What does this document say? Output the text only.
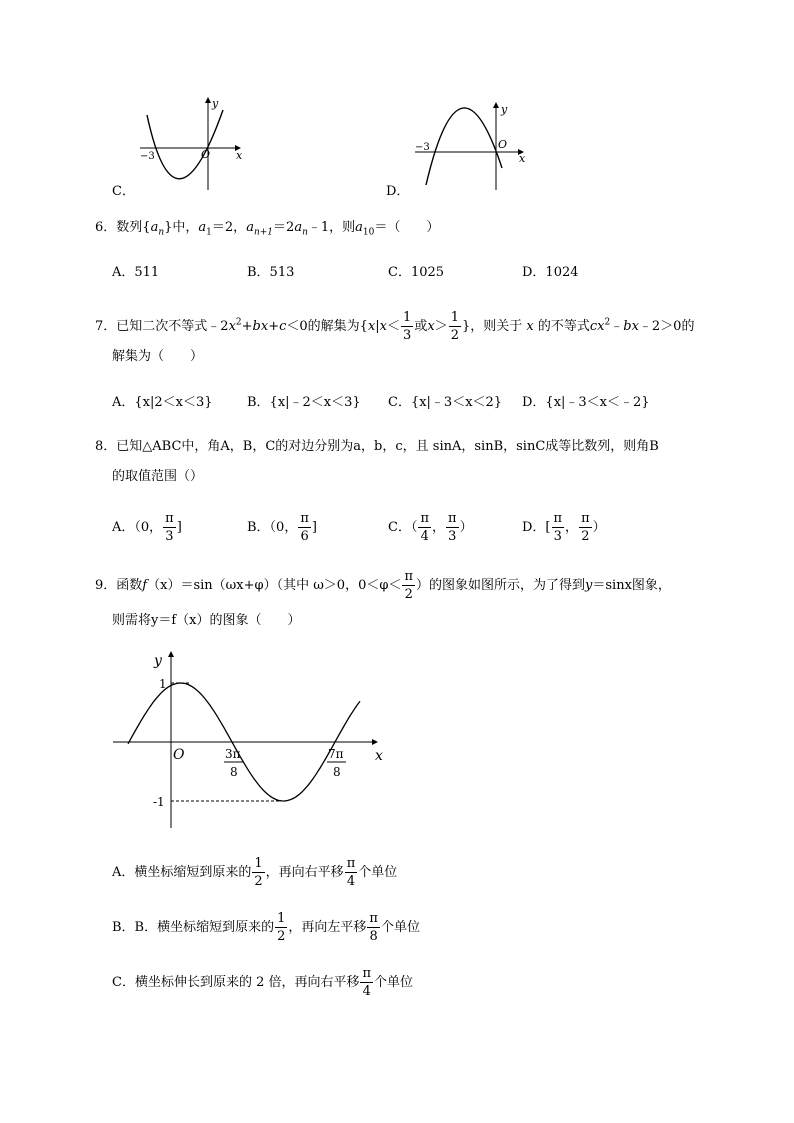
C．
y
x
O
−3
D．
y
x
O
−3
6．数列$\{a_n\}$中，$a_1=2$，$a_{n+1}=2a_n﹣1$，则$a_{10}=$（　　）
A．511	B．513	C．1025	D．1024
7．已知二次不等式$﹣2x^2+bx+c<0$的解集为{$x|x< \frac{1}{3}$ 或$x> \frac{1}{2}$ }，则关于 x 的不等式$cx^2﹣bx﹣2>0$的
解集为（　　）
A．{x|2＜x＜3}	B．{x|﹣2＜x＜3} C．{x|﹣3＜x＜2} D．{x|﹣3＜x＜﹣2}
8．已知△ABC中，角A，B，C的对边分别为a，b，c，且 sinA，sinB，sinC成等比数列，则角B
的取值范围（）
A．（0， $\frac{\pi}{3}$ ]	B．（0， $\frac{\pi}{6}$ ]	C．（ $\frac{\pi}{4}$ ， $\frac{\pi}{3}$ ）	D．[ $\frac{\pi}{3}$ ， $\frac{\pi}{2}$ ）
9．函数f（x）＝sin（ωx+φ）（其中 ω＞0，$0<\varphi< \frac{\pi}{2}$ ）的图象如图所示，为了得到y＝sinx图象，
则需将y＝f（x）的图象（　　）
y
x
O
1
-1
3π
8
7π
8
A．横坐标缩短到原来的 $\frac{1}{2}$ ，再向右平移 $\frac{\pi}{4}$ 个单位
B．B．横坐标缩短到原来的 $\frac{1}{2}$ ，再向左平移 $\frac{\pi}{8}$ 个单位
C．横坐标伸长到原来的 2 倍，再向右平移 $\frac{\pi}{4}$ 个单位
